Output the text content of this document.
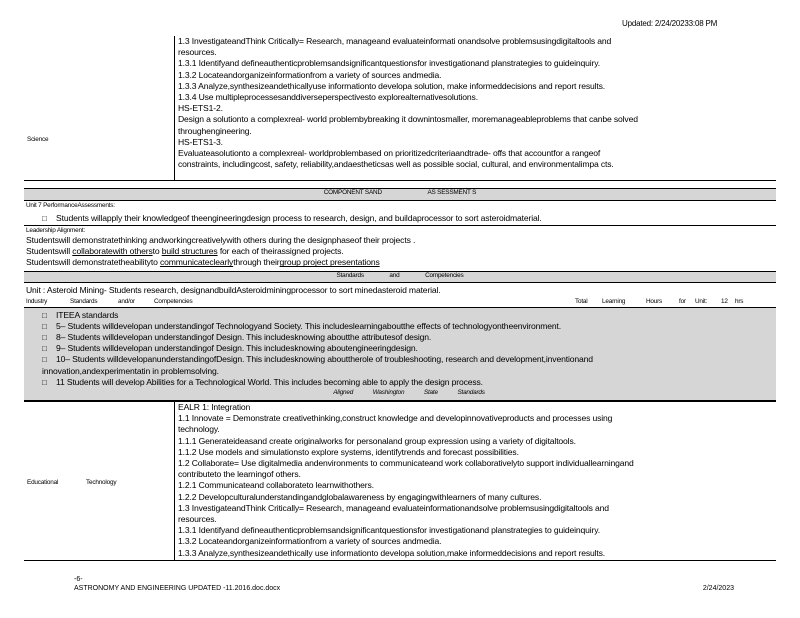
Updated: 2/24/20233:08 PM
Science
1.3 InvestigateandThink Critically= Research, manageand evaluateinformati onandsolve problemsusingdigitaltools and
resources.
1.3.1 Identifyand defineauthenticproblemsandsignificantquestionsfor investigationand planstrategies to guideinquiry.
1.3.2 Locateandorganizeinformationfrom a variety of sources andmedia.
1.3.3 Analyze,synthesizeandethicallyuse informationto developa solution, make informeddecisions and report results.
1.3.4 Use multipleprocessesanddiverseperspectivesto explorealternativesolutions.
HS-ETS1-2.
Design a solutionto a complexreal- world problembybreaking it downintosmaller, moremanageableproblems that canbe solved
throughengineering.
HS-ETS1-3.
Evaluateasolutionto a complexreal- worldproblembased on prioritizedcriteriaandtrade- offs that accountfor a rangeof
constraints, includingcost, safety, reliability,andaestheticsas well as possible social, cultural, and environmentalimpa cts.
COMPONENT SAND	AS SESSMENT S
Unit 7 PerformanceAssessments:
□ Students willapply their knowledgeof theengineeringdesign process to research, design, and buildaprocessor to sort asteroidmaterial.
Leadership Alignment:
Studentswill demonstratethinking andworkingcreativelywith others during the designphaseof their projects .
Studentswill collaboratewith othersto build structures for each of theirassigned projects.
Studentswill demonstratetheabilityto communicateclearlythrough theirgroup project presentations
Standards	and	Competencies
Unit : Asteroid Mining- Students research, designandbuildAsteroidminingprocessor to sort minedasteroid material.
Industry	Standards	and/or	Competencies	Total Learning	Hours	for Unit: 12 hrs
□	ITEEA standards
□	5– Students willdevelopan understandingof Technologyand Society. This includeslearningaboutthe effects of technologyontheenvironment.
□	8– Students willdevelopan understandingof Design. This includesknowing aboutthe attributesof design.
□	9– Students willdevelopan understandingof Design. This includesknowing aboutengineeringdesign.
□	10– Students willdevelopanunderstandingofDesign. This includesknowing abouttherole of troubleshooting, research and development,inventionand
innovation,andexperimentatin in problemsolving.
□	11 Students will develop Abilities for a Technological World. This includes becoming able to apply the design process.
Aligned	Washington	State	Standards
Educational	Technology
EALR 1: Integration
1.1 Innovate = Demonstrate creativethinking,construct knowledge and developinnovativeproducts and processes using
technology.
1.1.1 Generateideasand create originalworks for personaland group expression using a variety of digitaltools.
1.1.2 Use models and simulationsto explore systems, identifytrends and forecast possibilities.
1.2 Collaborate= Use digitalmedia andenvironments to communicateand work collaborativelyto support individuallearningand
contributeto the learningof others.
1.2.1 Communicateand collaborateto learnwithothers.
1.2.2 Developculturalunderstandingandglobalawareness by engagingwithlearners of many cultures.
1.3 InvestigateandThink Critically= Research, manageand evaluateinformationandsolve problemsusingdigitaltools and
resources.
1.3.1 Identifyand defineauthenticproblemsandsignificantquestionsfor investigationand planstrategies to guideinquiry.
1.3.2 Locateandorganizeinformationfrom a variety of sources andmedia.
1.3.3 Analyze,synthesizeandethically use informationto developa solution,make informeddecisions and report results.
-6-
ASTRONOMY AND ENGINEERING UPDATED -11.2016.doc.docx	2/24/2023
